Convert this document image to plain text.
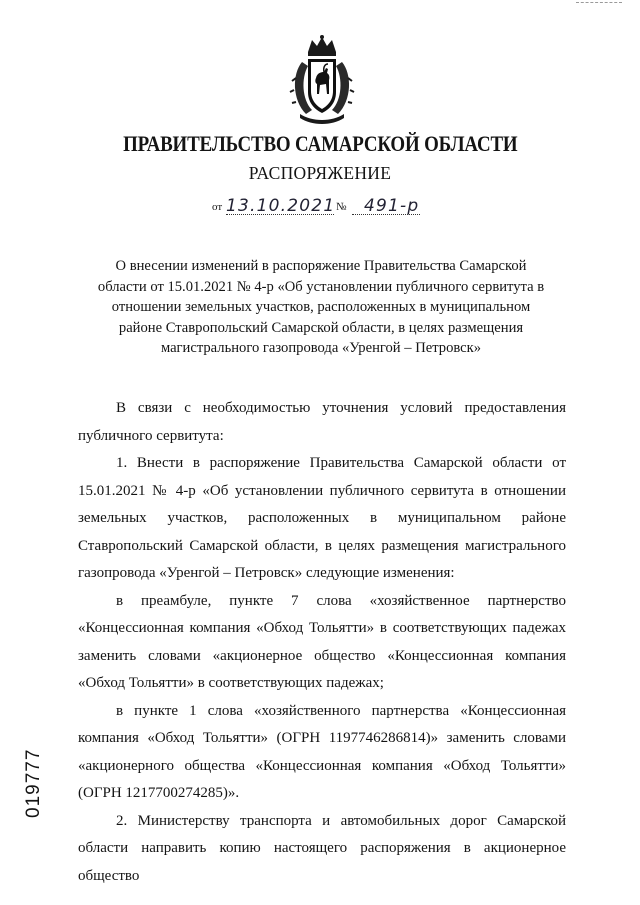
ПРАВИТЕЛЬСТВО САМАРСКОЙ ОБЛАСТИ
РАСПОРЯЖЕНИЕ
от 13.10.2021 № 491-р
О внесении изменений в распоряжение Правительства Самарской области от 15.01.2021 № 4-р «Об установлении публичного сервитута в отношении земельных участков, расположенных в муниципальном районе Ставропольский Самарской области, в целях размещения магистрального газопровода «Уренгой – Петровск»

В связи с необходимостью уточнения условий предоставления публичного сервитута:

1. Внести в распоряжение Правительства Самарской области от 15.01.2021 № 4-р «Об установлении публичного сервитута в отношении земельных участков, расположенных в муниципальном районе Ставропольский Самарской области, в целях размещения магистрального газопровода «Уренгой – Петровск» следующие изменения:

в преамбуле, пункте 7 слова «хозяйственное партнерство «Концессионная компания «Обход Тольятти» в соответствующих падежах заменить словами «акционерное общество «Концессионная компания «Обход Тольятти» в соответствующих падежах;

в пункте 1 слова «хозяйственного партнерства «Концессионная компания «Обход Тольятти» (ОГРН 1197746286814)» заменить словами «акционерного общества «Концессионная компания «Обход Тольятти» (ОГРН 1217700274285)».

2. Министерству транспорта и автомобильных дорог Самарской области направить копию настоящего распоряжения в акционерное общество

019777
